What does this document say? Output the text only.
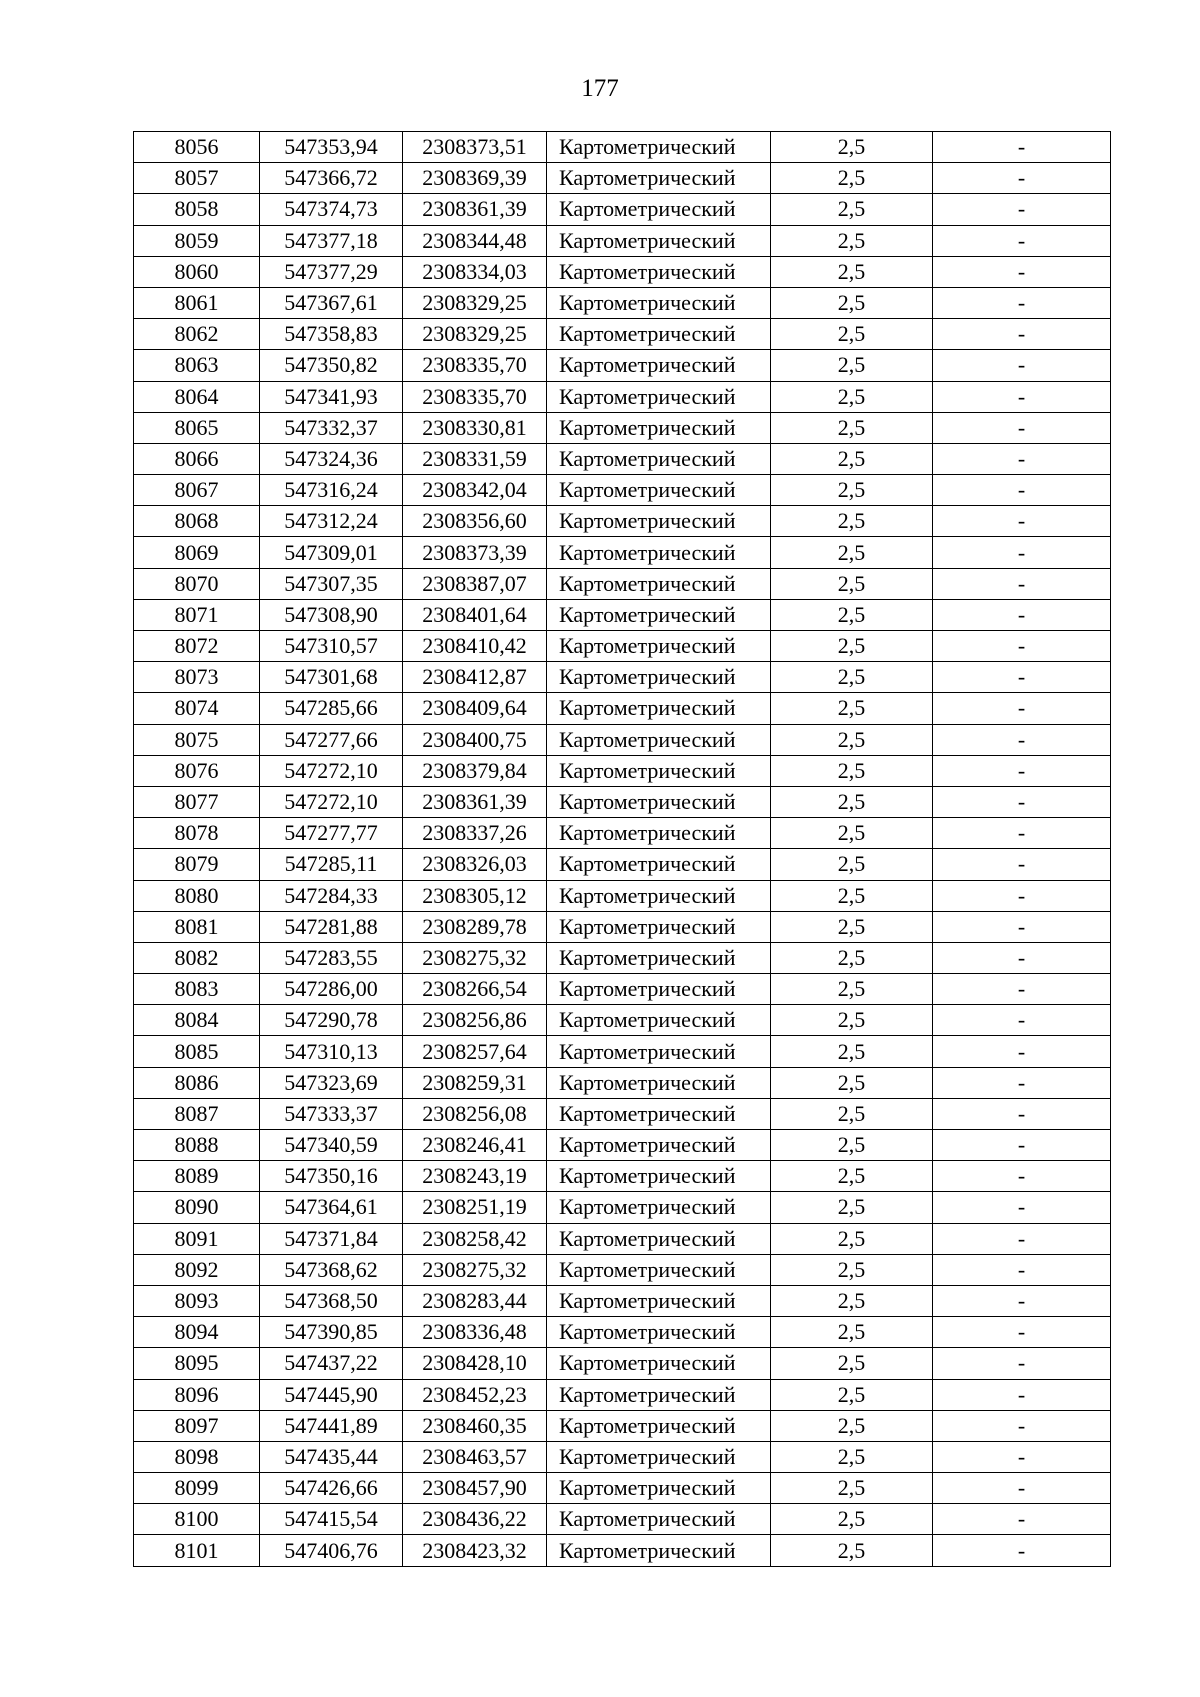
177
8056	547353,94	2308373,51	Картометрический	2,5	-
8057	547366,72	2308369,39	Картометрический	2,5	-
8058	547374,73	2308361,39	Картометрический	2,5	-
8059	547377,18	2308344,48	Картометрический	2,5	-
8060	547377,29	2308334,03	Картометрический	2,5	-
8061	547367,61	2308329,25	Картометрический	2,5	-
8062	547358,83	2308329,25	Картометрический	2,5	-
8063	547350,82	2308335,70	Картометрический	2,5	-
8064	547341,93	2308335,70	Картометрический	2,5	-
8065	547332,37	2308330,81	Картометрический	2,5	-
8066	547324,36	2308331,59	Картометрический	2,5	-
8067	547316,24	2308342,04	Картометрический	2,5	-
8068	547312,24	2308356,60	Картометрический	2,5	-
8069	547309,01	2308373,39	Картометрический	2,5	-
8070	547307,35	2308387,07	Картометрический	2,5	-
8071	547308,90	2308401,64	Картометрический	2,5	-
8072	547310,57	2308410,42	Картометрический	2,5	-
8073	547301,68	2308412,87	Картометрический	2,5	-
8074	547285,66	2308409,64	Картометрический	2,5	-
8075	547277,66	2308400,75	Картометрический	2,5	-
8076	547272,10	2308379,84	Картометрический	2,5	-
8077	547272,10	2308361,39	Картометрический	2,5	-
8078	547277,77	2308337,26	Картометрический	2,5	-
8079	547285,11	2308326,03	Картометрический	2,5	-
8080	547284,33	2308305,12	Картометрический	2,5	-
8081	547281,88	2308289,78	Картометрический	2,5	-
8082	547283,55	2308275,32	Картометрический	2,5	-
8083	547286,00	2308266,54	Картометрический	2,5	-
8084	547290,78	2308256,86	Картометрический	2,5	-
8085	547310,13	2308257,64	Картометрический	2,5	-
8086	547323,69	2308259,31	Картометрический	2,5	-
8087	547333,37	2308256,08	Картометрический	2,5	-
8088	547340,59	2308246,41	Картометрический	2,5	-
8089	547350,16	2308243,19	Картометрический	2,5	-
8090	547364,61	2308251,19	Картометрический	2,5	-
8091	547371,84	2308258,42	Картометрический	2,5	-
8092	547368,62	2308275,32	Картометрический	2,5	-
8093	547368,50	2308283,44	Картометрический	2,5	-
8094	547390,85	2308336,48	Картометрический	2,5	-
8095	547437,22	2308428,10	Картометрический	2,5	-
8096	547445,90	2308452,23	Картометрический	2,5	-
8097	547441,89	2308460,35	Картометрический	2,5	-
8098	547435,44	2308463,57	Картометрический	2,5	-
8099	547426,66	2308457,90	Картометрический	2,5	-
8100	547415,54	2308436,22	Картометрический	2,5	-
8101	547406,76	2308423,32	Картометрический	2,5	-
